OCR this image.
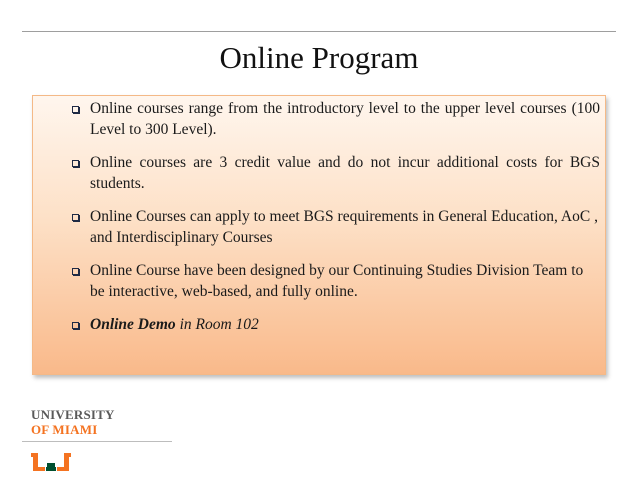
Online Program
Online courses range from the introductory level to the upper level courses (100 Level to 300 Level).
Online courses are 3 credit value and do not incur additional costs for BGS students.
Online Courses can apply to meet BGS requirements in General Education, AoC , and Interdisciplinary Courses
Online Course have been designed by our Continuing Studies Division Team to be interactive, web-based, and fully online.
Online Demo in Room 102
UNIVERSITY
OF MIAMI
